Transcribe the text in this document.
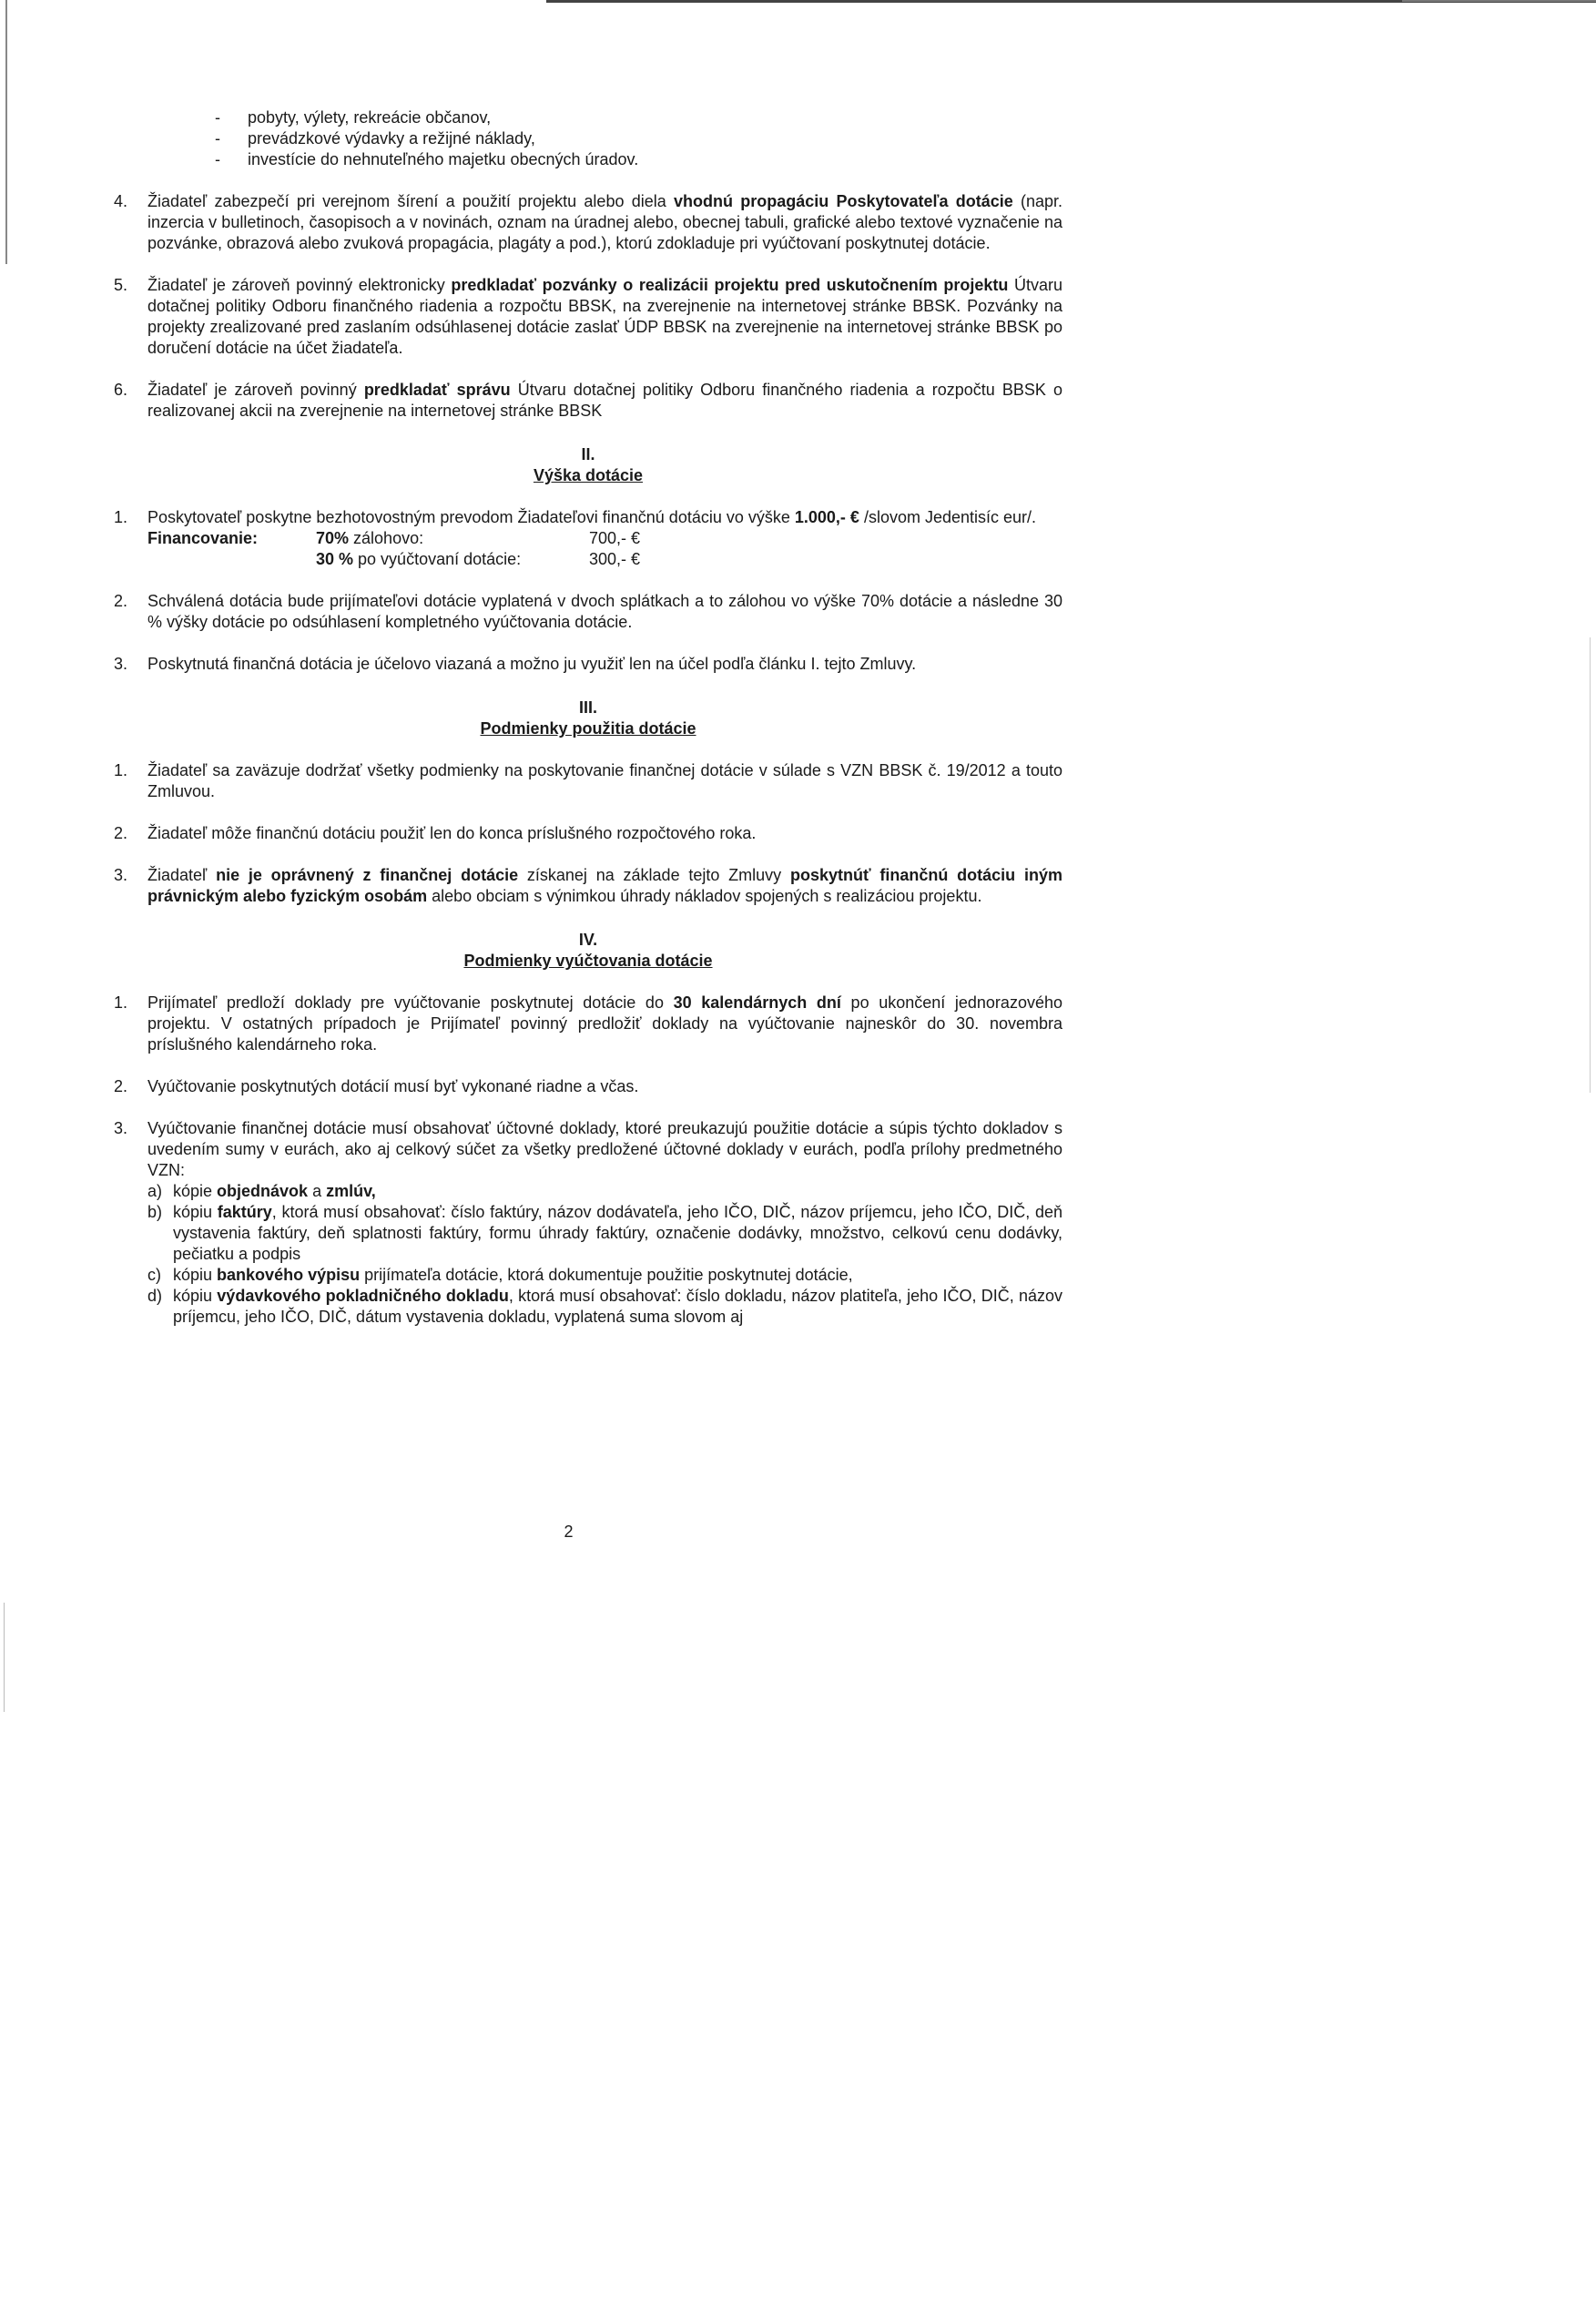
- pobyty, výlety, rekreácie občanov,
- prevádzkové výdavky a režijné náklady,
- investície do nehnuteľného majetku obecných úradov.
4.	Žiadateľ zabezpečí pri verejnom šírení a použití projektu alebo diela vhodnú propagáciu Poskytovateľa dotácie (napr. inzercia v bulletinoch, časopisoch a v novinách, oznam na úradnej alebo, obecnej tabuli, grafické alebo textové vyznačenie na pozvánke, obrazová alebo zvuková propagácia, plagáty a pod.), ktorú zdokladuje pri vyúčtovaní poskytnutej dotácie.
5.	Žiadateľ je zároveň povinný elektronicky predkladať pozvánky o realizácii projektu pred uskutočnením projektu Útvaru dotačnej politiky Odboru finančného riadenia a rozpočtu BBSK, na zverejnenie na internetovej stránke BBSK. Pozvánky na projekty zrealizované pred zaslaním odsúhlasenej dotácie zaslať ÚDP BBSK na zverejnenie na internetovej stránke BBSK po doručení dotácie na účet žiadateľa.
6.	Žiadateľ je zároveň povinný predkladať správu Útvaru dotačnej politiky Odboru finančného riadenia a rozpočtu BBSK o realizovanej akcii na zverejnenie na internetovej stránke BBSK
II.
Výška dotácie
1.	Poskytovateľ poskytne bezhotovostným prevodom Žiadateľovi finančnú dotáciu vo výške 1.000,- € /slovom Jedentisíc eur/.
Financovanie:	70% zálohovo:	700,- €
30 % po vyúčtovaní dotácie:	300,- €
2.	Schválená dotácia bude prijímateľovi dotácie vyplatená v dvoch splátkach a to zálohou vo výške 70% dotácie a následne 30 % výšky dotácie po odsúhlasení kompletného vyúčtovania dotácie.
3.	Poskytnutá finančná dotácia je účelovo viazaná a možno ju využiť len na účel podľa článku I. tejto Zmluvy.
III.
Podmienky použitia dotácie
1.	Žiadateľ sa zaväzuje dodržať všetky podmienky na poskytovanie finančnej dotácie v súlade s VZN BBSK č. 19/2012 a touto Zmluvou.
2.	Žiadateľ môže finančnú dotáciu použiť len do konca príslušného rozpočtového roka.
3.	Žiadateľ nie je oprávnený z finančnej dotácie získanej na základe tejto Zmluvy poskytnúť finančnú dotáciu iným právnickým alebo fyzickým osobám alebo obciam s výnimkou úhrady nákladov spojených s realizáciou projektu.
IV.
Podmienky vyúčtovania dotácie
1.	Prijímateľ predloží doklady pre vyúčtovanie poskytnutej dotácie do 30 kalendárnych dní po ukončení jednorazového projektu. V ostatných prípadoch je Prijímateľ povinný predložiť doklady na vyúčtovanie najneskôr do 30. novembra príslušného kalendárneho roka.
2.	Vyúčtovanie poskytnutých dotácií musí byť vykonané riadne a včas.
3.	Vyúčtovanie finančnej dotácie musí obsahovať účtovné doklady, ktoré preukazujú použitie dotácie a súpis týchto dokladov s uvedením sumy v eurách, ako aj celkový súčet za všetky predložené účtovné doklady v eurách, podľa prílohy predmetného VZN:
a) kópie objednávok a zmlúv,
b) kópiu faktúry, ktorá musí obsahovať: číslo faktúry, názov dodávateľa, jeho IČO, DIČ, názov príjemcu, jeho IČO, DIČ, deň vystavenia faktúry, deň splatnosti faktúry, formu úhrady faktúry, označenie dodávky, množstvo, celkovú cenu dodávky, pečiatku a podpis
c) kópiu bankového výpisu prijímateľa dotácie, ktorá dokumentuje použitie poskytnutej dotácie,
d) kópiu výdavkového pokladničného dokladu, ktorá musí obsahovať: číslo dokladu, názov platiteľa, jeho IČO, DIČ, názov príjemcu, jeho IČO, DIČ, dátum vystavenia dokladu, vyplatená suma slovom aj
2
